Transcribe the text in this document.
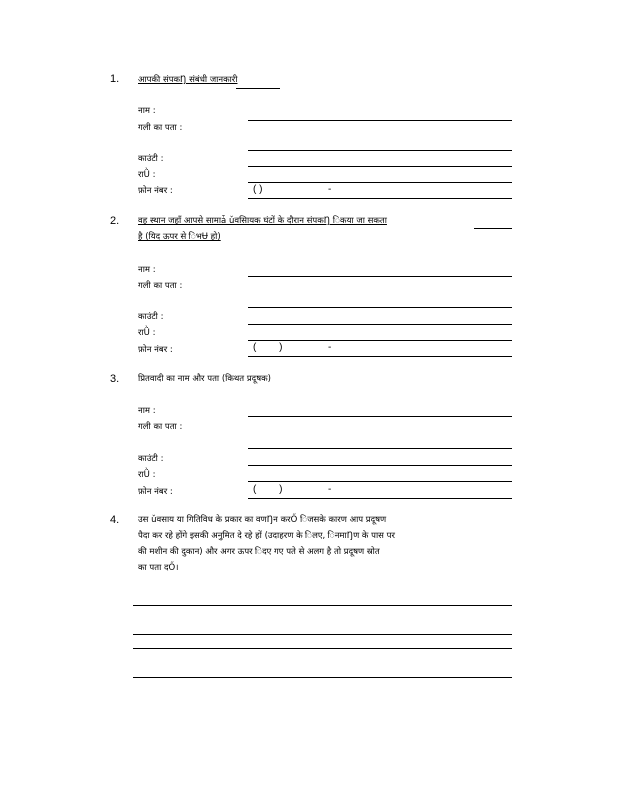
1. आपकी संपकŊ संबंधी जानकारी
नाम :
गली का पता :
काउंटी :
राǛ :
फ़ोन नंबर :	( )	-
2. वह स्थान जहाँ आपसे सामाǡ ǔवसाियक घंटों के दौरान संपकŊ िकया जा सकता
है (यिद ऊपर से िभɄ हो)
नाम :
गली का पता :
काउंटी :
राǛ :
फ़ोन नंबर :	( )	-
3. प्रितवादी का नाम और पता (किथत प्रदूषक)
नाम :
गली का पता :
काउंटी :
राǛ :
फ़ोन नंबर :	( )	-
4. उस ǔवसाय या गितिविध के प्रकार का वणŊन करŐ िजसके कारण आप प्रदूषण
पैदा कर रहे होंगे इसकी अनुमित दे रहे हों (उदाहरण के िलए, िनमाŊण के पास पर
की मशीन की दुकान) और अगर ऊपर िदए गए पते से अलग है तो प्रदूषण स्रोत
का पता दŐ।
